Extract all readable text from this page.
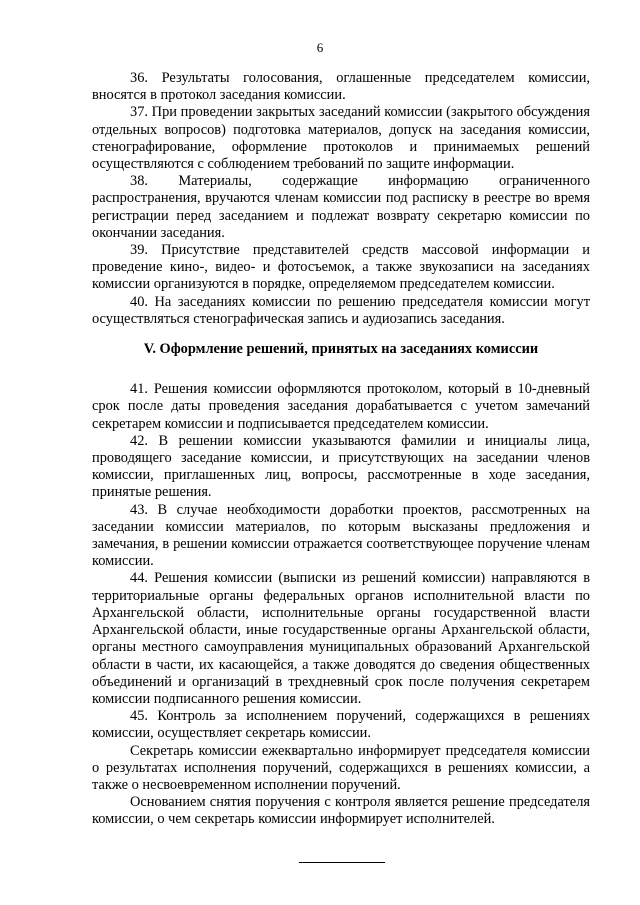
6

36. Результаты голосования, оглашенные председателем комиссии, вносятся в протокол заседания комиссии.

37. При проведении закрытых заседаний комиссии (закрытого обсуждения отдельных вопросов) подготовка материалов, допуск на заседания комиссии, стенографирование, оформление протоколов и принимаемых решений осуществляются с соблюдением требований по защите информации.

38. Материалы, содержащие информацию ограниченного распространения, вручаются членам комиссии под расписку в реестре во время регистрации перед заседанием и подлежат возврату секретарю комиссии по окончании заседания.

39. Присутствие представителей средств массовой информации и проведение кино-, видео- и фотосъемок, а также звукозаписи на заседаниях комиссии организуются в порядке, определяемом председателем комиссии.

40. На заседаниях комиссии по решению председателя комиссии могут осуществляться стенографическая запись и аудиозапись заседания.

V. Оформление решений, принятых на заседаниях комиссии

41. Решения комиссии оформляются протоколом, который в 10-дневный срок после даты проведения заседания дорабатывается с учетом замечаний секретарем комиссии и подписывается председателем комиссии.

42. В решении комиссии указываются фамилии и инициалы лица, проводящего заседание комиссии, и присутствующих на заседании членов комиссии, приглашенных лиц, вопросы, рассмотренные в ходе заседания, принятые решения.

43. В случае необходимости доработки проектов, рассмотренных на заседании комиссии материалов, по которым высказаны предложения и замечания, в решении комиссии отражается соответствующее поручение членам комиссии.

44. Решения комиссии (выписки из решений комиссии) направляются в территориальные органы федеральных органов исполнительной власти по Архангельской области, исполнительные органы государственной власти Архангельской области, иные государственные органы Архангельской области, органы местного самоуправления муниципальных образований Архангельской области в части, их касающейся, а также доводятся до сведения общественных объединений и организаций в трехдневный срок после получения секретарем комиссии подписанного решения комиссии.

45. Контроль за исполнением поручений, содержащихся в решениях комиссии, осуществляет секретарь комиссии.

Секретарь комиссии ежеквартально информирует председателя комиссии о результатах исполнения поручений, содержащихся в решениях комиссии, а также о несвоевременном исполнении поручений.

Основанием снятия поручения с контроля является решение председателя комиссии, о чем секретарь комиссии информирует исполнителей.
